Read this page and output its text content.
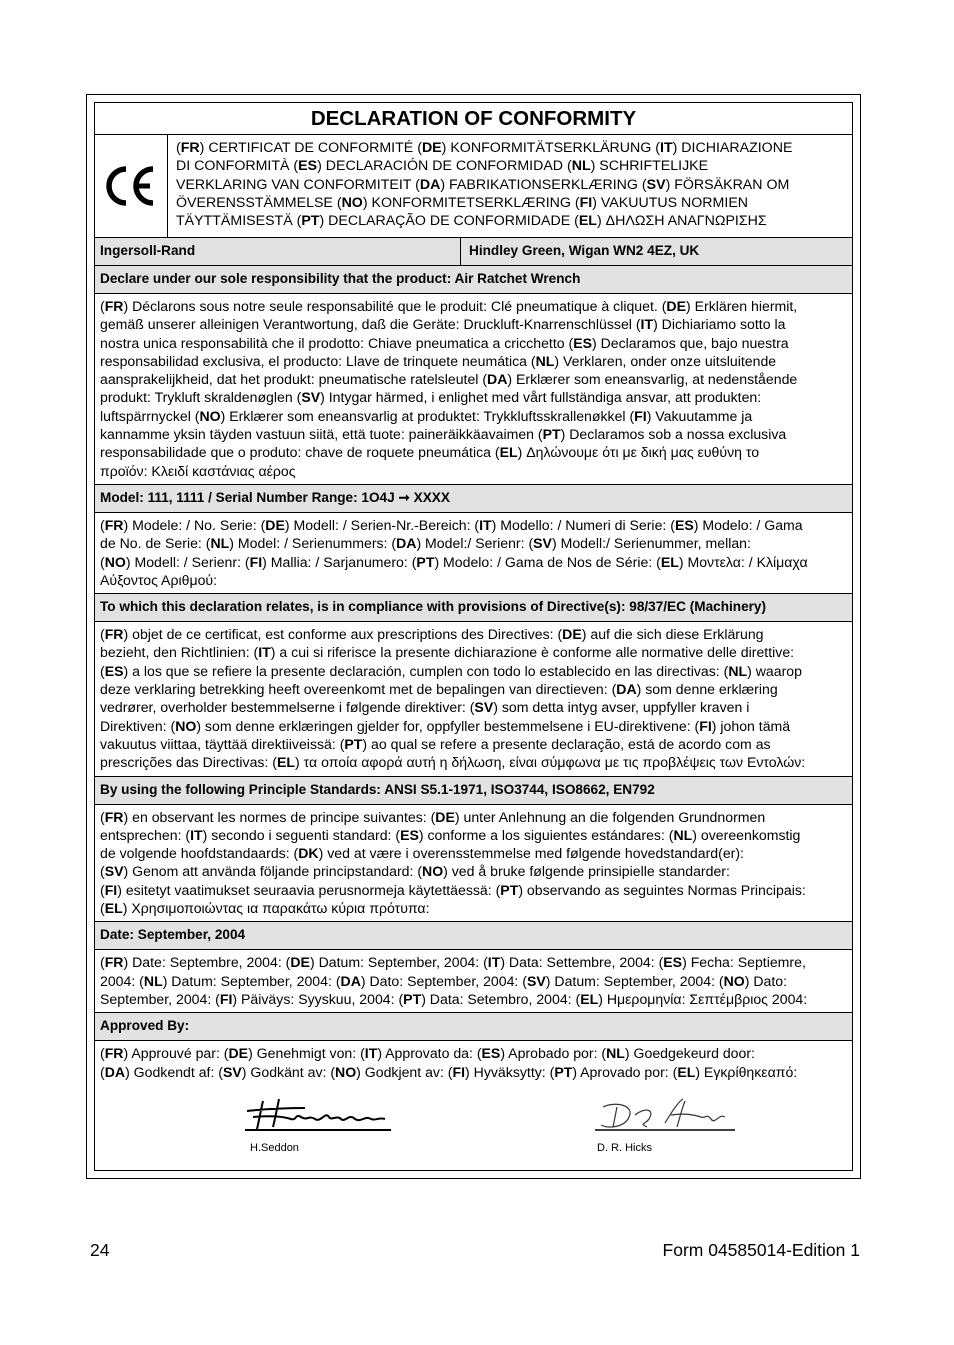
DECLARATION OF CONFORMITY
(FR) CERTIFICAT DE CONFORMITÉ (DE) KONFORMITÄTSERKLÄRUNG (IT) DICHIARAZIONE
DI CONFORMITÀ (ES) DECLARACIÓN DE CONFORMIDAD (NL) SCHRIFTELIJKE
VERKLARING VAN CONFORMITEIT (DA) FABRIKATIONSERKLÆRING (SV) FÖRSÄKRAN OM
ÖVERENSSTÄMMELSE (NO) KONFORMITETSERKLÆRING (FI) VAKUUTUS NORMIEN
TÄYTTÄMISESTÄ (PT) DECLARAÇÃO DE CONFORMIDADE (EL) ΔΗΛΩΣΗ ΑΝΑΓΝΩΡΙΣΗΣ
Ingersoll-Rand	Hindley Green, Wigan WN2 4EZ, UK
Declare under our sole responsibility that the product: Air Ratchet Wrench
(FR) Déclarons sous notre seule responsabilité que le produit: Clé pneumatique à cliquet. (DE) Erklären hiermit,
gemäß unserer alleinigen Verantwortung, daß die Geräte: Druckluft-Knarrenschlüssel (IT) Dichiariamo sotto la
nostra unica responsabilità che il prodotto: Chiave pneumatica a cricchetto (ES) Declaramos que, bajo nuestra
responsabilidad exclusiva, el producto: Llave de trinquete neumática (NL) Verklaren, onder onze uitsluitende
aansprakelijkheid, dat het produkt: pneumatische ratelsleutel (DA) Erklærer som eneansvarlig, at nedenstående
produkt: Trykluft skraldenøglen (SV) Intygar härmed, i enlighet med vårt fullständiga ansvar, att produkten:
luftspärrnyckel (NO) Erklærer som eneansvarlig at produktet: Trykkluftsskrallenøkkel (FI) Vakuutamme ja
kannamme yksin täyden vastuun siitä, että tuote: paineräikkäavaimen (PT) Declaramos sob a nossa exclusiva
responsabilidade que o produto: chave de roquete pneumática (EL) Δηλώνουμε ότι με δική μας ευθύνη το
προϊόν: Κλειδί καστάνιας αέρος
Model: 111, 1111 / Serial Number Range: 1O4J ➞ XXXX
(FR) Modele: / No. Serie: (DE) Modell: / Serien-Nr.-Bereich: (IT) Modello: / Numeri di Serie: (ES) Modelo: / Gama
de No. de Serie: (NL) Model: / Serienummers: (DA) Model:/ Serienr: (SV) Modell:/ Serienummer, mellan:
(NO) Modell: / Serienr: (FI) Mallia: / Sarjanumero: (PT) Modelo: / Gama de Nos de Série: (EL) Μοντελα: / Κλίμαχα
Αύξοντος Αριθμού:
To which this declaration relates, is in compliance with provisions of Directive(s): 98/37/EC (Machinery)
(FR) objet de ce certificat, est conforme aux prescriptions des Directives: (DE) auf die sich diese Erklärung
bezieht, den Richtlinien: (IT) a cui si riferisce la presente dichiarazione è conforme alle normative delle direttive:
(ES) a los que se refiere la presente declaración, cumplen con todo lo establecido en las directivas: (NL) waarop
deze verklaring betrekking heeft overeenkomt met de bepalingen van directieven: (DA) som denne erklæring
vedrører, overholder bestemmelserne i følgende direktiver: (SV) som detta intyg avser, uppfyller kraven i
Direktiven: (NO) som denne erklæringen gjelder for, oppfyller bestemmelsene i EU-direktivene: (FI) johon tämä
vakuutus viittaa, täyttää direktiiveissä: (PT) ao qual se refere a presente declaração, está de acordo com as
prescrições das Directivas: (EL) τα οποία αφορά αυτή η δήλωση, είναι σύμφωνα με τις προβλέψεις των Εντολών:
By using the following Principle Standards: ANSI S5.1-1971, ISO3744, ISO8662, EN792
(FR) en observant les normes de principe suivantes: (DE) unter Anlehnung an die folgenden Grundnormen
entsprechen: (IT) secondo i seguenti standard: (ES) conforme a los siguientes estándares: (NL) overeenkomstig
de volgende hoofdstandaards: (DK) ved at være i overensstemmelse med følgende hovedstandard(er):
(SV) Genom att använda följande principstandard: (NO) ved å bruke følgende prinsipielle standarder:
(FI) esitetyt vaatimukset seuraavia perusnormeja käytettäessä: (PT) observando as seguintes Normas Principais:
(EL) Χρησιμοποιώντας ια παρακάτω κύρια πρότυπα:
Date: September, 2004
(FR) Date: Septembre, 2004: (DE) Datum: September, 2004: (IT) Data: Settembre, 2004: (ES) Fecha: Septiemre,
2004: (NL) Datum: September, 2004: (DA) Dato: September, 2004: (SV) Datum: September, 2004: (NO) Dato:
September, 2004: (FI) Päiväys: Syyskuu, 2004: (PT) Data: Setembro, 2004: (EL) Ημερομηνία: Σεπτέμβριος 2004:
Approved By:
(FR) Approuvé par: (DE) Genehmigt von: (IT) Approvato da: (ES) Aprobado por: (NL) Goedgekeurd door:
(DA) Godkendt af: (SV) Godkänt av: (NO) Godkjent av: (FI) Hyväksytty: (PT) Aprovado por: (EL) Εγκρίθηκεαπό:
H.Seddon	D. R. Hicks
24	Form 04585014-Edition 1
